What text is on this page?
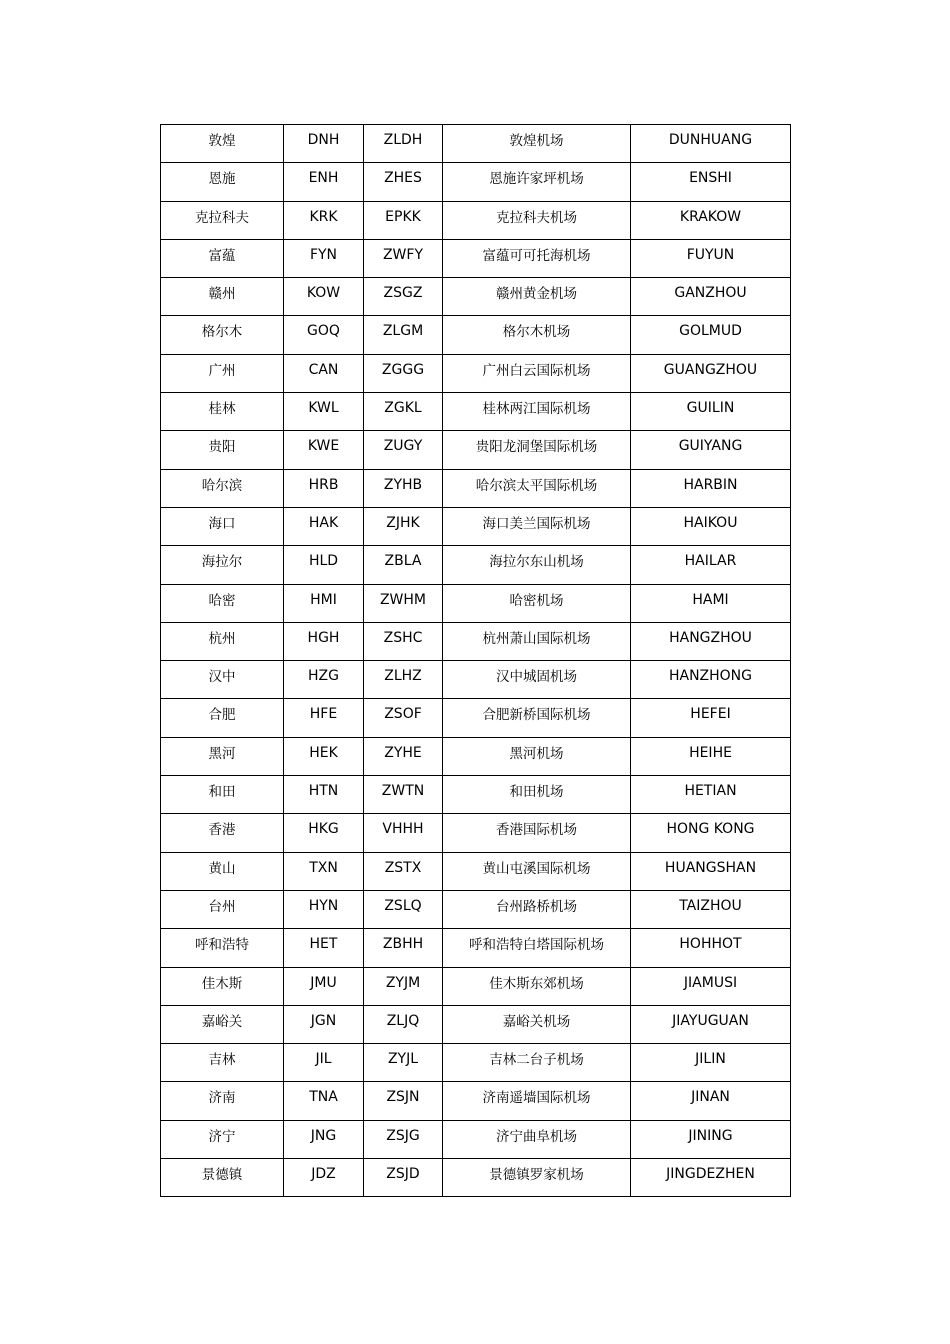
敦煌	DNH	ZLDH	敦煌机场	DUNHUANG

恩施	ENH	ZHES	恩施许家坪机场	ENSHI

克拉科夫	KRK	EPKK	克拉科夫机场	KRAKOW

富蕴	FYN	ZWFY	富蕴可可托海机场	FUYUN

赣州	KOW	ZSGZ	赣州黄金机场	GANZHOU

格尔木	GOQ	ZLGM	格尔木机场	GOLMUD

广州	CAN	ZGGG	广州白云国际机场	GUANGZHOU

桂林	KWL	ZGKL	桂林两江国际机场	GUILIN

贵阳	KWE	ZUGY	贵阳龙洞堡国际机场	GUIYANG

哈尔滨	HRB	ZYHB	哈尔滨太平国际机场	HARBIN

海口	HAK	ZJHK	海口美兰国际机场	HAIKOU

海拉尔	HLD	ZBLA	海拉尔东山机场	HAILAR

哈密	HMI	ZWHM	哈密机场	HAMI

杭州	HGH	ZSHC	杭州萧山国际机场	HANGZHOU

汉中	HZG	ZLHZ	汉中城固机场	HANZHONG

合肥	HFE	ZSOF	合肥新桥国际机场	HEFEI

黑河	HEK	ZYHE	黑河机场	HEIHE

和田	HTN	ZWTN	和田机场	HETIAN

香港	HKG	VHHH	香港国际机场	HONG KONG

黄山	TXN	ZSTX	黄山屯溪国际机场	HUANGSHAN

台州	HYN	ZSLQ	台州路桥机场	TAIZHOU

呼和浩特	HET	ZBHH	呼和浩特白塔国际机场	HOHHOT

佳木斯	JMU	ZYJM	佳木斯东郊机场	JIAMUSI

嘉峪关	JGN	ZLJQ	嘉峪关机场	JIAYUGUAN

吉林	JIL	ZYJL	吉林二台子机场	JILIN

济南	TNA	ZSJN	济南遥墙国际机场	JINAN

济宁	JNG	ZSJG	济宁曲阜机场	JINING

景德镇	JDZ	ZSJD	景德镇罗家机场	JINGDEZHEN
